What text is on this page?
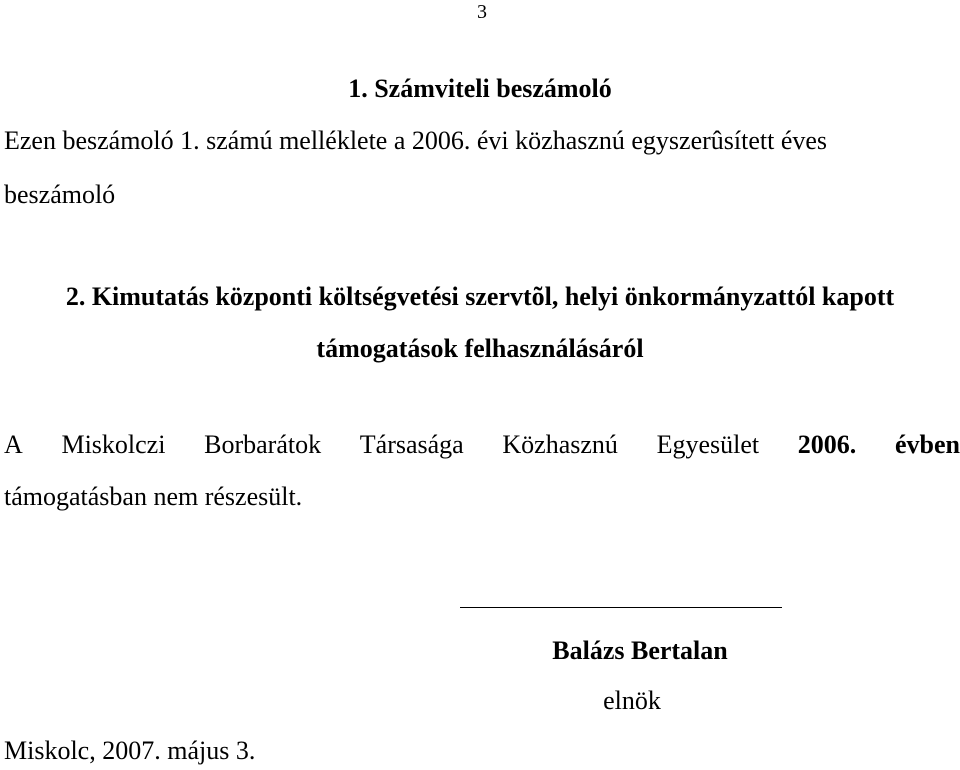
3
1. Számviteli beszámoló
Ezen beszámoló 1. számú melléklete a 2006. évi közhasznú egyszerûsített éves
beszámoló
2. Kimutatás központi költségvetési szervtõl, helyi önkormányzattól kapott
támogatások felhasználásáról
A Miskolczi Borbarátok Társasága Közhasznú Egyesület 2006. évben
támogatásban nem részesült.
Balázs Bertalan
elnök
Miskolc, 2007. május 3.
